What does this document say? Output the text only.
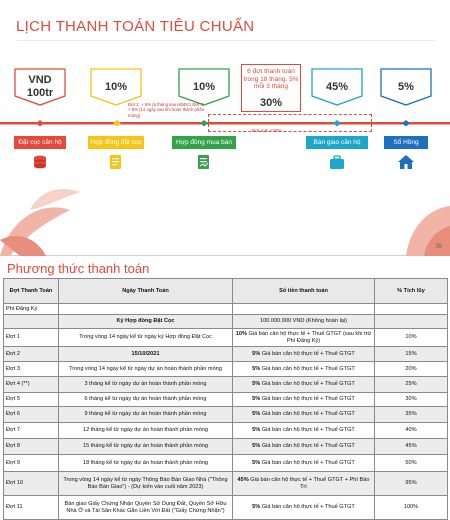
LỊCH THANH TOÁN TIÊU CHUẨN
VND 100tr
10%	10%	45%	5%
6 đợt thanh toán trong 18 tháng, 5% mỗi 3 tháng
30%
Đợt 2: + 5% (6 tháng sau HĐĐC) Đợt 3: + 5% (14 ngày sau khi hoàn thành phần móng)
Đợt 4-9: +30%
Đặt cọc căn hộ	Hợp đồng đặt cọc	Hợp đồng mua bán	Bàn giao căn hộ	Sổ Hồng
39
Phương thức thanh toán
Đợt Thanh Toán	Ngày Thanh Toán	Số tiền thanh toán	% Tích lũy
Phí Đăng Ký			
	Ký Hợp đồng Đặt Cọc	100.000.000 VND (Không hoàn lại)	
Đợt 1	Trong vòng 14 ngày kể từ ngày ký Hợp đồng Đặt Cọc	10% Giá bán căn hộ thực tế + Thuế GTGT (sau khi trừ Phí Đăng Ký)	10%
Đợt 2	15/10/2021	5% Giá bán căn hộ thực tế + Thuế GTGT	15%
Đợt 3	Trong vòng 14 ngày kể từ ngày dự án hoàn thành phần móng	5% Giá bán căn hộ thực tế + Thuế GTGT	20%
Đợt 4 (**)	3 tháng kể từ ngày dự án hoàn thành phần móng	5% Giá bán căn hộ thực tế + Thuế GTGT	25%
Đợt 5	6 tháng kể từ ngày dự án hoàn thành phần móng	5% Giá bán căn hộ thực tế + Thuế GTGT	30%
Đợt 6	9 tháng kể từ ngày dự án hoàn thành phần móng	5% Giá bán căn hộ thực tế + Thuế GTGT	35%
Đợt 7	12 tháng kể từ ngày dự án hoàn thành phần móng	5% Giá bán căn hộ thực tế + Thuế GTGT	40%
Đợt 8	15 tháng kể từ ngày dự án hoàn thành phần móng	5% Giá bán căn hộ thực tế + Thuế GTGT	45%
Đợt 9	18 tháng kể từ ngày dự án hoàn thành phần móng	5% Giá bán căn hộ thực tế + Thuế GTGT	50%
Đợt 10	Trong vòng 14 ngày kể từ ngày Thông Báo Bàn Giao Nhà ("Thông Báo Bàn Giao") - (Dự kiến vào cuối năm 2023)	45% Giá bán căn hộ thực tế + Thuế GTGT + Phí Bảo Trì	95%
Đợt 11	Bàn giao Giấy Chứng Nhận Quyền Sử Dụng Đất, Quyền Sở Hữu Nhà Ở và Tài Sản Khác Gắn Liền Với Đất ("Giấy Chứng Nhận")	5% Giá bán căn hộ thực tế + Thuế GTGT	100%
